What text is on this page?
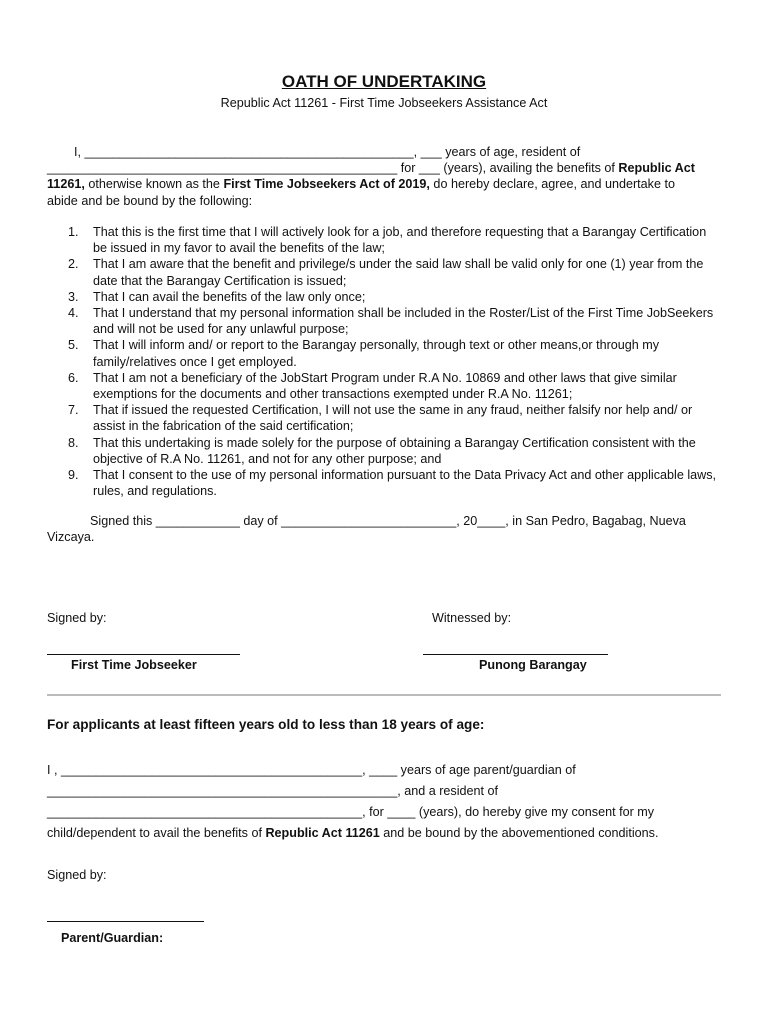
OATH OF UNDERTAKING
Republic Act 11261 - First Time Jobseekers Assistance Act

I, _______________________________________________, ___ years of age, resident of

__________________________________________________ for ___ (years), availing the benefits of Republic Act

11261, otherwise known as the First Time Jobseekers Act of 2019, do hereby declare, agree, and undertake to

abide and be bound by the following:

1.	That this is the first time that I will actively look for a job, and therefore requesting that a Barangay Certification be issued in my favor to avail the benefits of the law;
2.	That I am aware that the benefit and privilege/s under the said law shall be valid only for one (1) year from the date that the Barangay Certification is issued;
3.	That I can avail the benefits of the law only once;
4.	That I understand that my personal information shall be included in the Roster/List of the First Time JobSeekers and will not be used for any unlawful purpose;
5.	That I will inform and/ or report to the Barangay personally, through text or other means,or through my family/relatives once I get employed.
6.	That I am not a beneficiary of the JobStart Program under R.A No. 10869 and other laws that give similar exemptions for the documents and other transactions exempted under R.A No. 11261;
7.	That if issued the requested Certification, I will not use the same in any fraud, neither falsify nor help and/ or assist in the fabrication of the said certification;
8.	That this undertaking is made solely for the purpose of obtaining a Barangay Certification consistent with the objective of R.A No. 11261, and not for any other purpose; and
9.	That I consent to the use of my personal information pursuant to the Data Privacy Act and other applicable laws, rules, and regulations.
Signed this ____________ day of _________________________, 20____, in San Pedro, Bagabag, Nueva
Vizcaya.
Signed by:	Witnessed by:
First Time Jobseeker	Punong Barangay
For applicants at least fifteen years old to less than 18 years of age:

I , ___________________________________________, ____ years of age parent/guardian of

__________________________________________________, and a resident of

_____________________________________________, for ____ (years), do hereby give my consent for my

child/dependent to avail the benefits of Republic Act 11261 and be bound by the abovementioned conditions.

Signed by:
Parent/Guardian:
